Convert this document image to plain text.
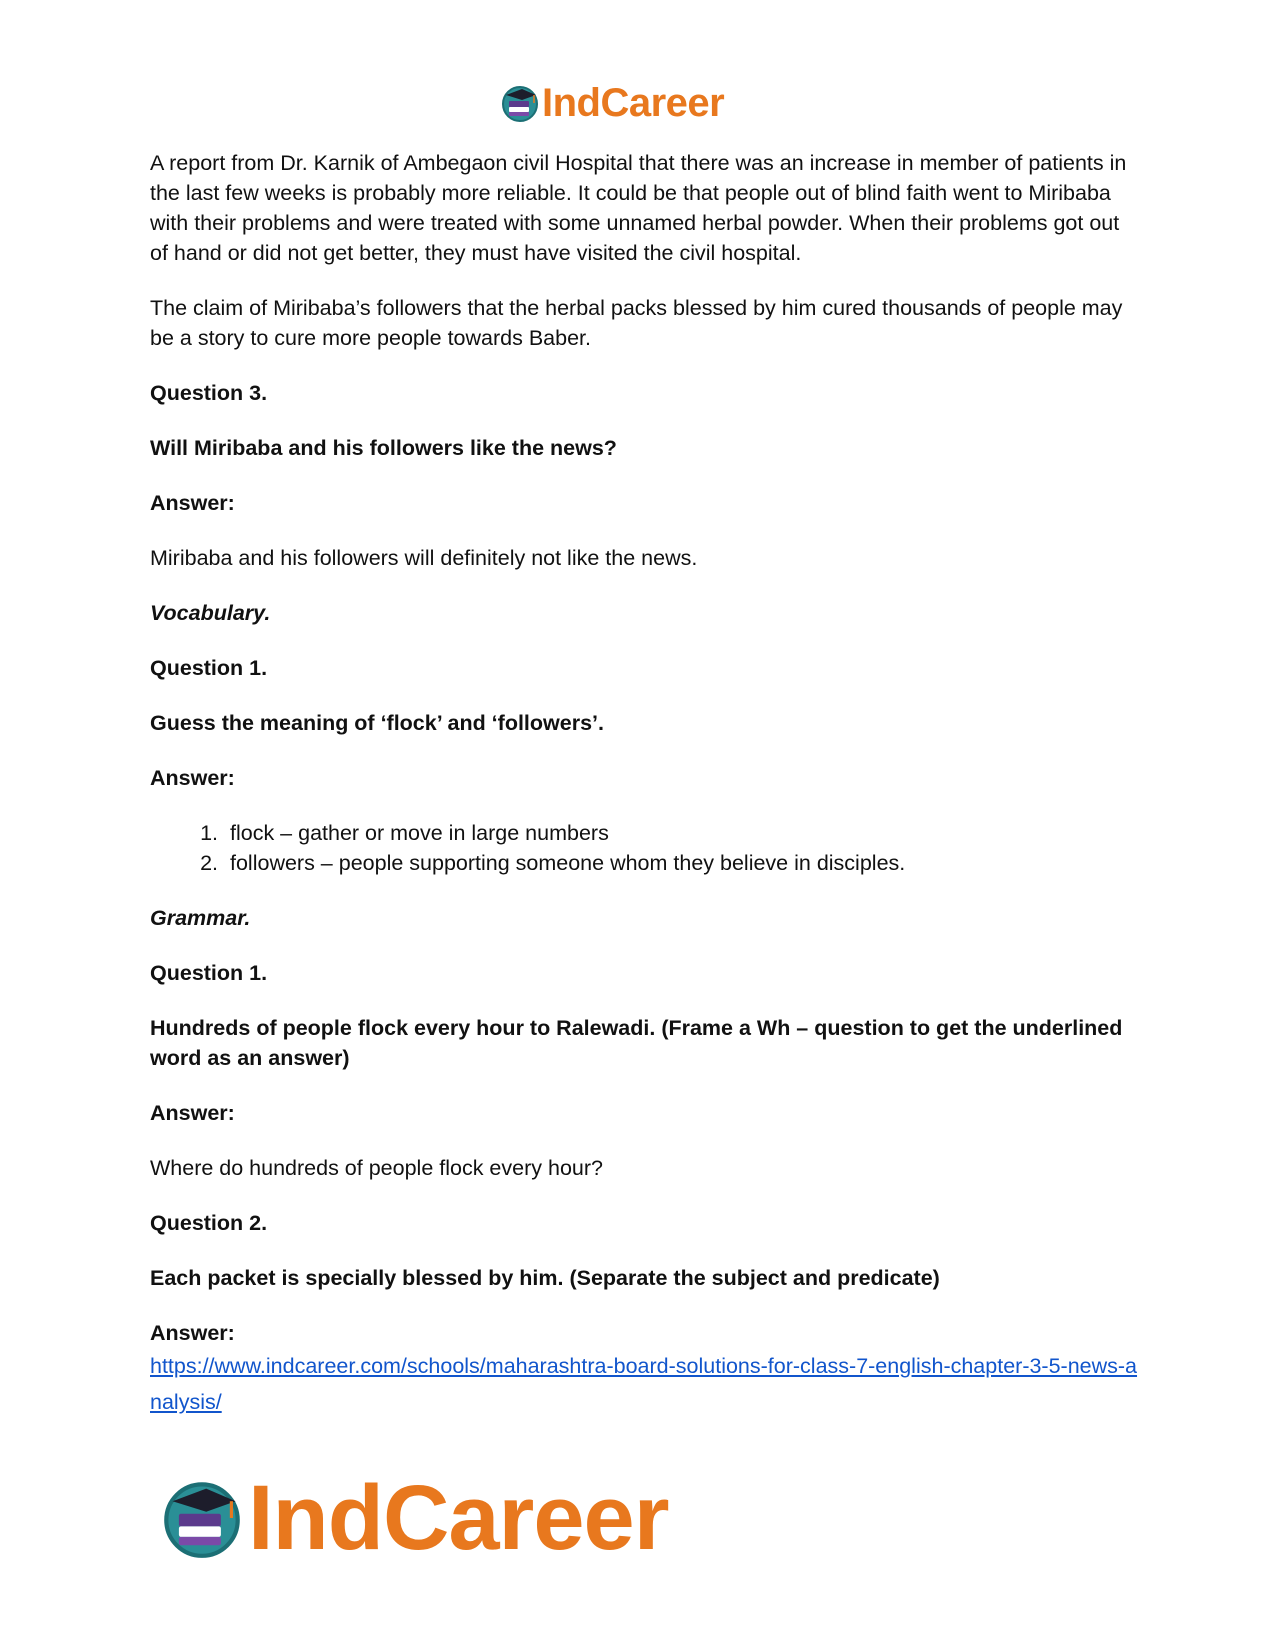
IndCareer

A report from Dr. Karnik of Ambegaon civil Hospital that there was an increase in member of patients in the last few weeks is probably more reliable. It could be that people out of blind faith went to Miribaba with their problems and were treated with some unnamed herbal powder. When their problems got out of hand or did not get better, they must have visited the civil hospital.

The claim of Miribaba’s followers that the herbal packs blessed by him cured thousands of people may be a story to cure more people towards Baber.

Question 3.

Will Miribaba and his followers like the news?

Answer:

Miribaba and his followers will definitely not like the news.

Vocabulary.

Question 1.

Guess the meaning of ‘flock’ and ‘followers’.

Answer:

1. flock – gather or move in large numbers
2. followers – people supporting someone whom they believe in disciples.

Grammar.

Question 1.

Hundreds of people flock every hour to Ralewadi. (Frame a Wh – question to get the underlined word as an answer)

Answer:

Where do hundreds of people flock every hour?

Question 2.

Each packet is specially blessed by him. (Separate the subject and predicate)

Answer:

https://www.indcareer.com/schools/maharashtra-board-solutions-for-class-7-english-chapter-3-5-news-analysis/
IndCareer
